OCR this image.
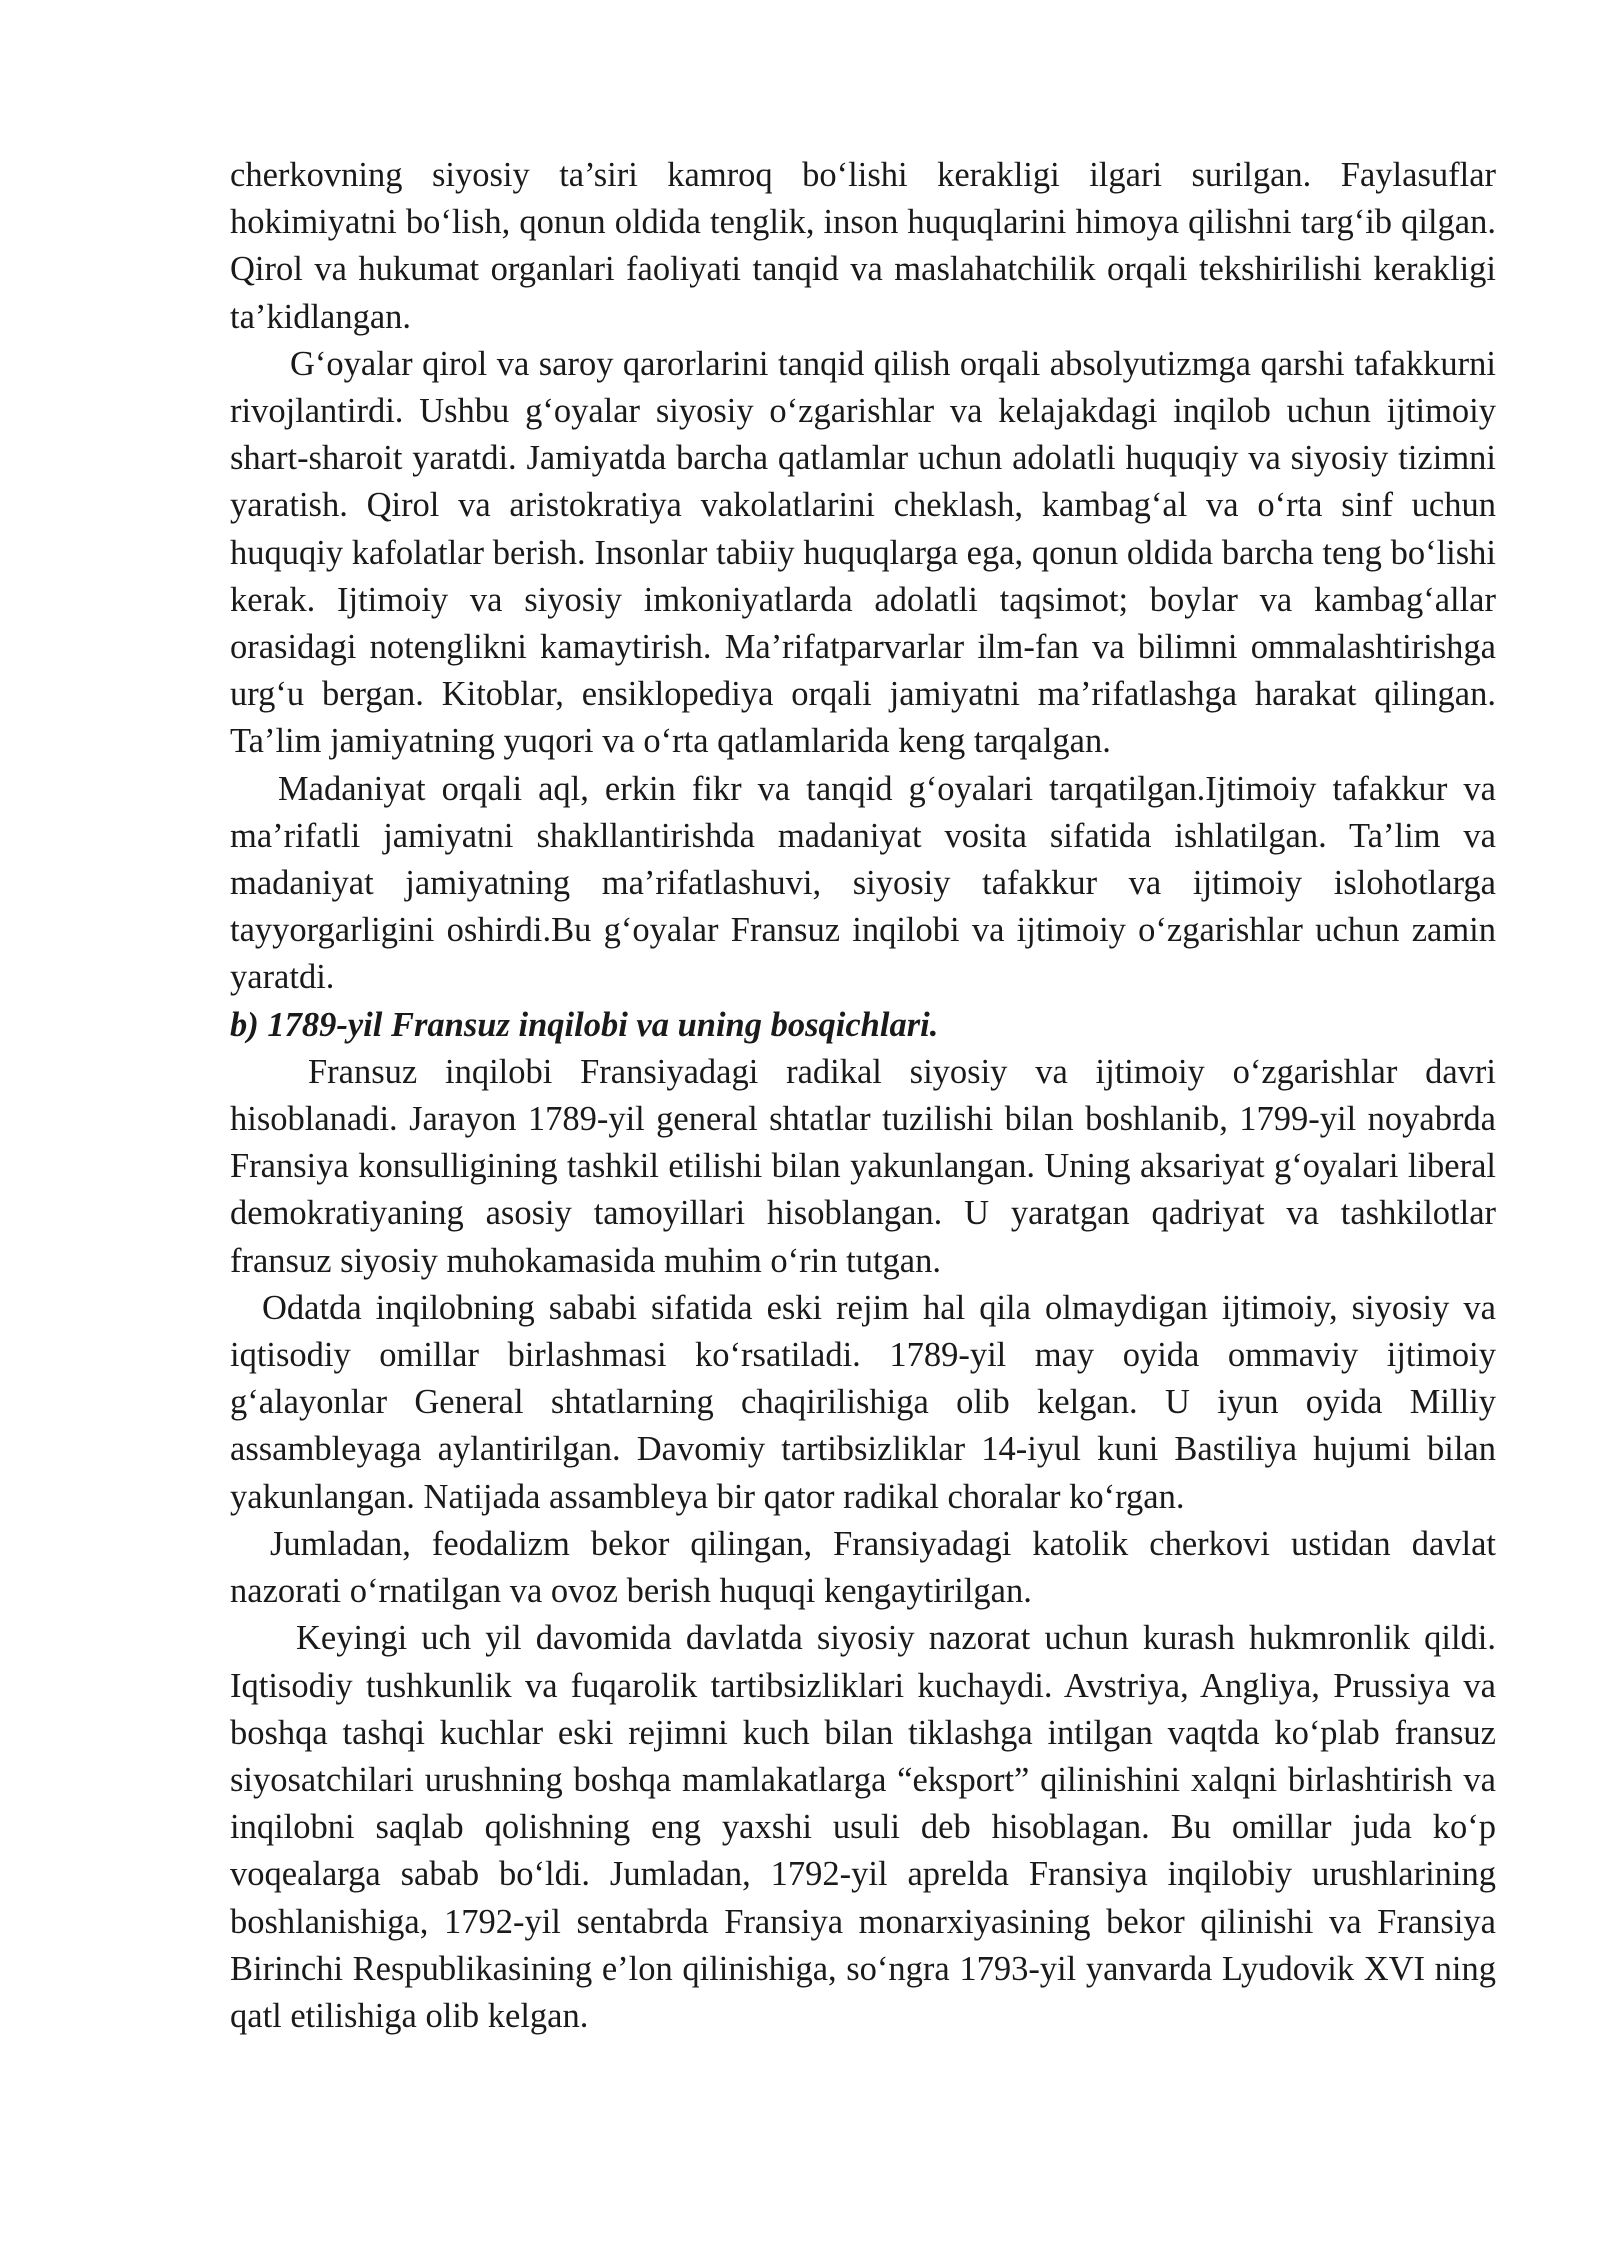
cherkovning siyosiy ta’siri kamroq bo‘lishi kerakligi ilgari surilgan. Faylasuflar hokimiyatni bo‘lish, qonun oldida tenglik, inson huquqlarini himoya qilishni targ‘ib qilgan. Qirol va hukumat organlari faoliyati tanqid va maslahatchilik orqali tekshirilishi kerakligi ta’kidlangan.

G‘oyalar qirol va saroy qarorlarini tanqid qilish orqali absolyutizmga qarshi tafakkurni rivojlantirdi. Ushbu g‘oyalar siyosiy o‘zgarishlar va kelajakdagi inqilob uchun ijtimoiy shart-sharoit yaratdi. Jamiyatda barcha qatlamlar uchun adolatli huquqiy va siyosiy tizimni yaratish. Qirol va aristokratiya vakolatlarini cheklash, kambag‘al va o‘rta sinf uchun huquqiy kafolatlar berish. Insonlar tabiiy huquqlarga ega, qonun oldida barcha teng bo‘lishi kerak. Ijtimoiy va siyosiy imkoniyatlarda adolatli taqsimot; boylar va kambag‘allar orasidagi notenglikni kamaytirish. Ma’rifatparvarlar ilm-fan va bilimni ommalashtirishga urg‘u bergan. Kitoblar, ensiklopediya orqali jamiyatni ma’rifatlashga harakat qilingan. Ta’lim jamiyatning yuqori va o‘rta qatlamlarida keng tarqalgan.

Madaniyat orqali aql, erkin fikr va tanqid g‘oyalari tarqatilgan.Ijtimoiy tafakkur va ma’rifatli jamiyatni shakllantirishda madaniyat vosita sifatida ishlatilgan. Ta’lim va madaniyat jamiyatning ma’rifatlashuvi, siyosiy tafakkur va ijtimoiy islohotlarga tayyorgarligini oshirdi.Bu g‘oyalar Fransuz inqilobi va ijtimoiy o‘zgarishlar uchun zamin yaratdi.

b) 1789-yil Fransuz inqilobi va uning bosqichlari.

Fransuz inqilobi Fransiyadagi radikal siyosiy va ijtimoiy o‘zgarishlar davri hisoblanadi. Jarayon 1789-yil general shtatlar tuzilishi bilan boshlanib, 1799-yil noyabrda Fransiya konsulligining tashkil etilishi bilan yakunlangan. Uning aksariyat g‘oyalari liberal demokratiyaning asosiy tamoyillari hisoblangan. U yaratgan qadriyat va tashkilotlar fransuz siyosiy muhokamasida muhim o‘rin tutgan.

Odatda inqilobning sababi sifatida eski rejim hal qila olmaydigan ijtimoiy, siyosiy va iqtisodiy omillar birlashmasi ko‘rsatiladi. 1789-yil may oyida ommaviy ijtimoiy g‘alayonlar General shtatlarning chaqirilishiga olib kelgan. U iyun oyida Milliy assambleyaga aylantirilgan. Davomiy tartibsizliklar 14-iyul kuni Bastiliya hujumi bilan yakunlangan. Natijada assambleya bir qator radikal choralar ko‘rgan.

Jumladan, feodalizm bekor qilingan, Fransiyadagi katolik cherkovi ustidan davlat nazorati o‘rnatilgan va ovoz berish huquqi kengaytirilgan.

Keyingi uch yil davomida davlatda siyosiy nazorat uchun kurash hukmronlik qildi. Iqtisodiy tushkunlik va fuqarolik tartibsizliklari kuchaydi. Avstriya, Angliya, Prussiya va boshqa tashqi kuchlar eski rejimni kuch bilan tiklashga intilgan vaqtda ko‘plab fransuz siyosatchilari urushning boshqa mamlakatlarga “eksport” qilinishini xalqni birlashtirish va inqilobni saqlab qolishning eng yaxshi usuli deb hisoblagan. Bu omillar juda ko‘p voqealarga sabab bo‘ldi. Jumladan, 1792-yil aprelda Fransiya inqilobiy urushlarining boshlanishiga, 1792-yil sentabrda Fransiya monarxiyasining bekor qilinishi va Fransiya Birinchi Respublikasining e’lon qilinishiga, so‘ngra 1793-yil yanvarda Lyudovik XVI ning qatl etilishiga olib kelgan.
